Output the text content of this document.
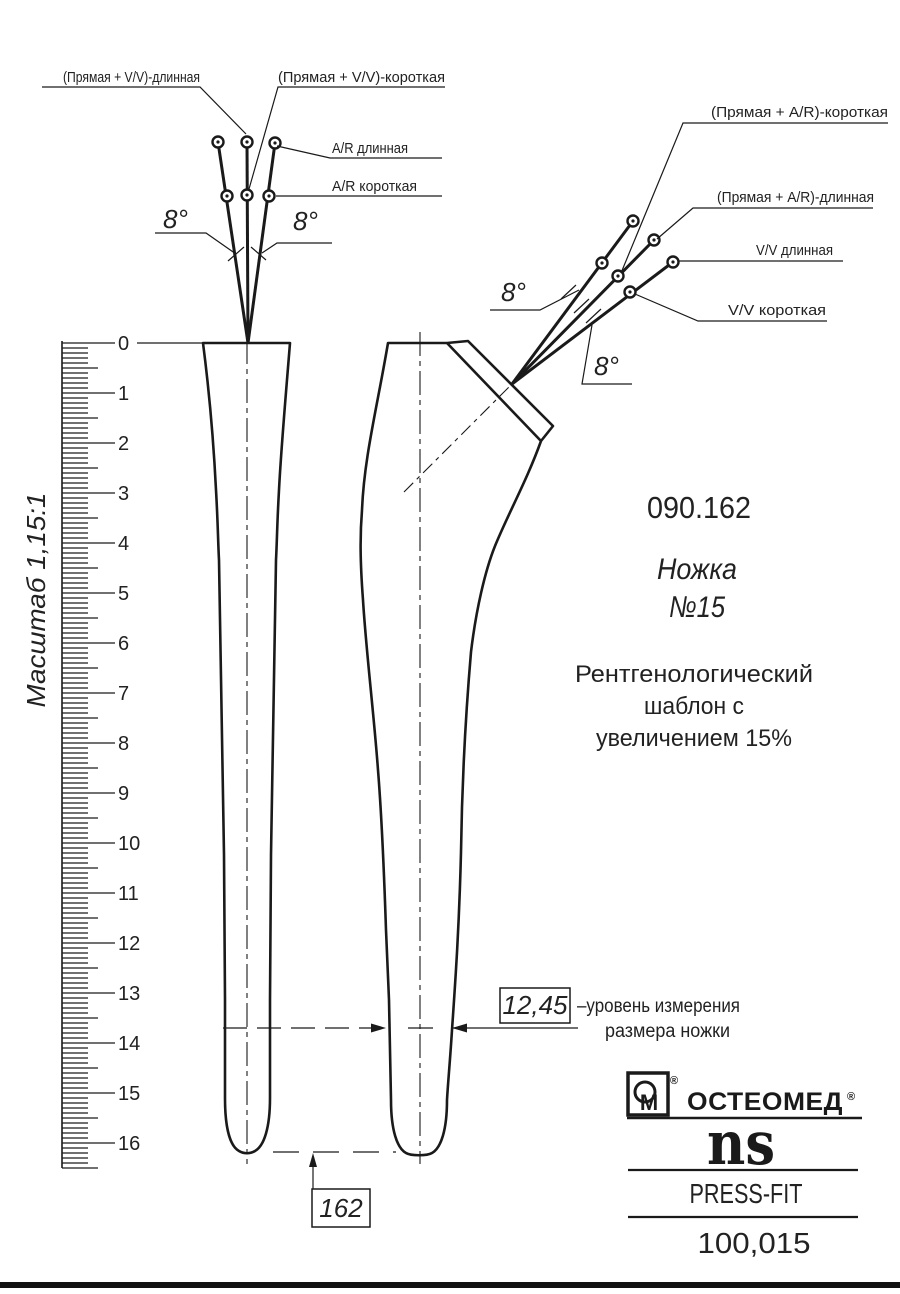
0
1
2
3
4
5
6
7
8
9
10
11
12
13
14
15
16
Масштаб 1,15:1
(Прямая + V/V)-длинная	(Прямая + V/V)-короткая
A/R длинная
A/R короткая
8°	8°
(Прямая + A/R)-короткая
(Прямая + A/R)-длинная
V/V длинная
V/V короткая
8°
8°
090.162
Ножка
№15
Рентгенологический
шаблон с
увеличением 15%
12,45 –уровень измерения
размера ножки
162
М
®
ОСТЕОМЕД ®
ns
PRESS-FIT
100,015
